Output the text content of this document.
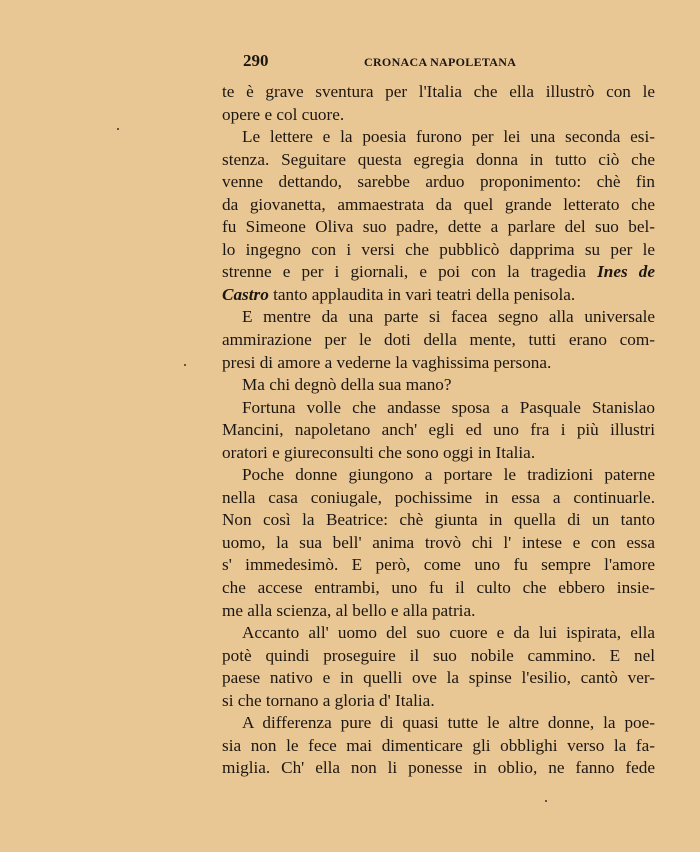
290	CRONACA NAPOLETANA
te è grave sventura per l'Italia che ella illustrò con le
opere e col cuore.
Le lettere e la poesia furono per lei una seconda esi-
stenza. Seguitare questa egregia donna in tutto ciò che
venne dettando, sarebbe arduo proponimento: chè fin
da giovanetta, ammaestrata da quel grande letterato che
fu Simeone Oliva suo padre, dette a parlare del suo bel-
lo ingegno con i versi che pubblicò dapprima su per le
strenne e per i giornali, e poi con la tragedia Ines de
Castro tanto applaudita in vari teatri della penisola.
E mentre da una parte si facea segno alla universale
ammirazione per le doti della mente, tutti erano com-
presi di amore a vederne la vaghissima persona.
Ma chi degnò della sua mano?
Fortuna volle che andasse sposa a Pasquale Stanislao
Mancini, napoletano anch' egli ed uno fra i più illustri
oratori e giureconsulti che sono oggi in Italia.
Poche donne giungono a portare le tradizioni paterne
nella casa coniugale, pochissime in essa a continuarle.
Non così la Beatrice: chè giunta in quella di un tanto
uomo, la sua bell' anima trovò chi l' intese e con essa
s' immedesimò. E però, come uno fu sempre l'amore
che accese entrambi, uno fu il culto che ebbero insie-
me alla scienza, al bello e alla patria.
Accanto all' uomo del suo cuore e da lui ispirata, ella
potè quindi proseguire il suo nobile cammino. E nel
paese nativo e in quelli ove la spinse l'esilio, cantò ver-
si che tornano a gloria d' Italia.
A differenza pure di quasi tutte le altre donne, la poe-
sia non le fece mai dimenticare gli obblighi verso la fa-
miglia. Ch' ella non li ponesse in oblio, ne fanno fede
